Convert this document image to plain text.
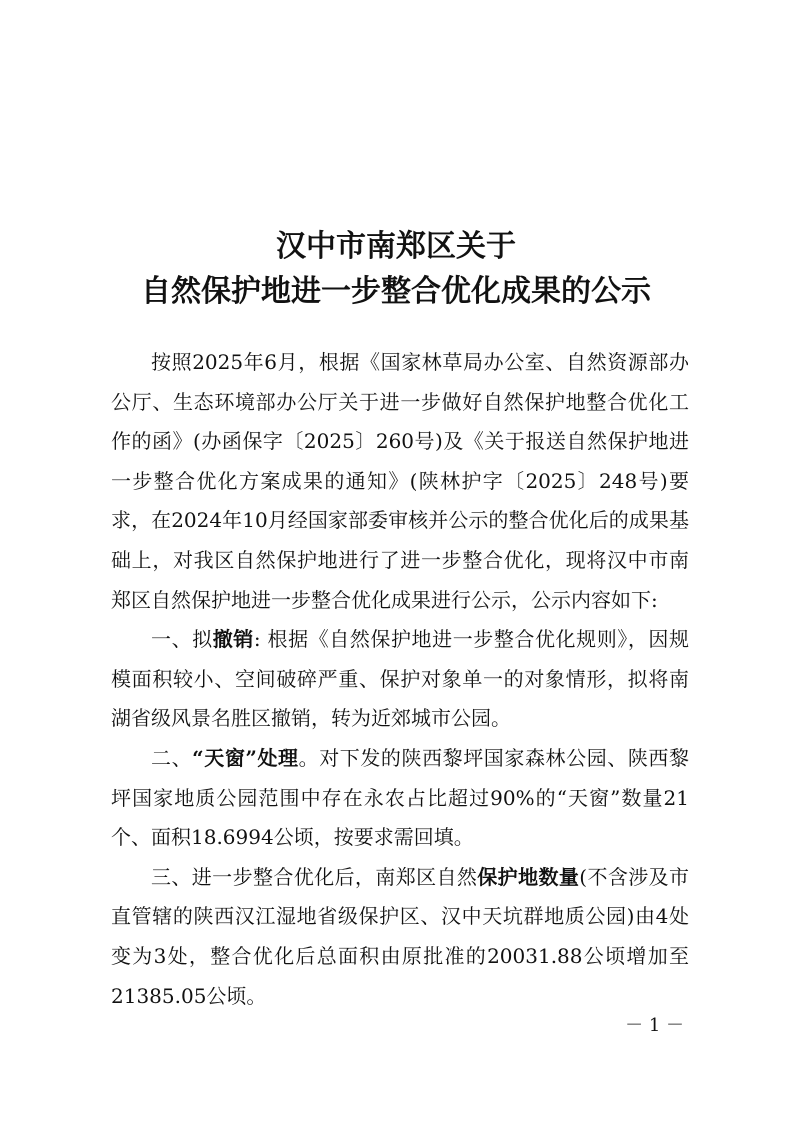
汉中市南郑区关于
自然保护地进一步整合优化成果的公示

按照2025年6月，根据《国家林草局办公室、自然资源部办公厅、生态环境部办公厅关于进一步做好自然保护地整合优化工作的函》(办函保字〔2025〕260号)及《关于报送自然保护地进一步整合优化方案成果的通知》(陕林护字〔2025〕248号)要求，在2024年10月经国家部委审核并公示的整合优化后的成果基础上，对我区自然保护地进行了进一步整合优化，现将汉中市南郑区自然保护地进一步整合优化成果进行公示，公示内容如下:

一、拟撤销: 根据《自然保护地进一步整合优化规则》，因规模面积较小、空间破碎严重、保护对象单一的对象情形，拟将南湖省级风景名胜区撤销，转为近郊城市公园。

二、“天窗”处理。对下发的陕西黎坪国家森林公园、陕西黎坪国家地质公园范围中存在永农占比超过90%的“天窗”数量21个、面积18.6994公顷，按要求需回填。

三、进一步整合优化后，南郑区自然保护地数量(不含涉及市直管辖的陕西汉江湿地省级保护区、汉中天坑群地质公园)由4处变为3处，整合优化后总面积由原批准的20031.88公顷增加至21385.05公顷。

－ 1 －
